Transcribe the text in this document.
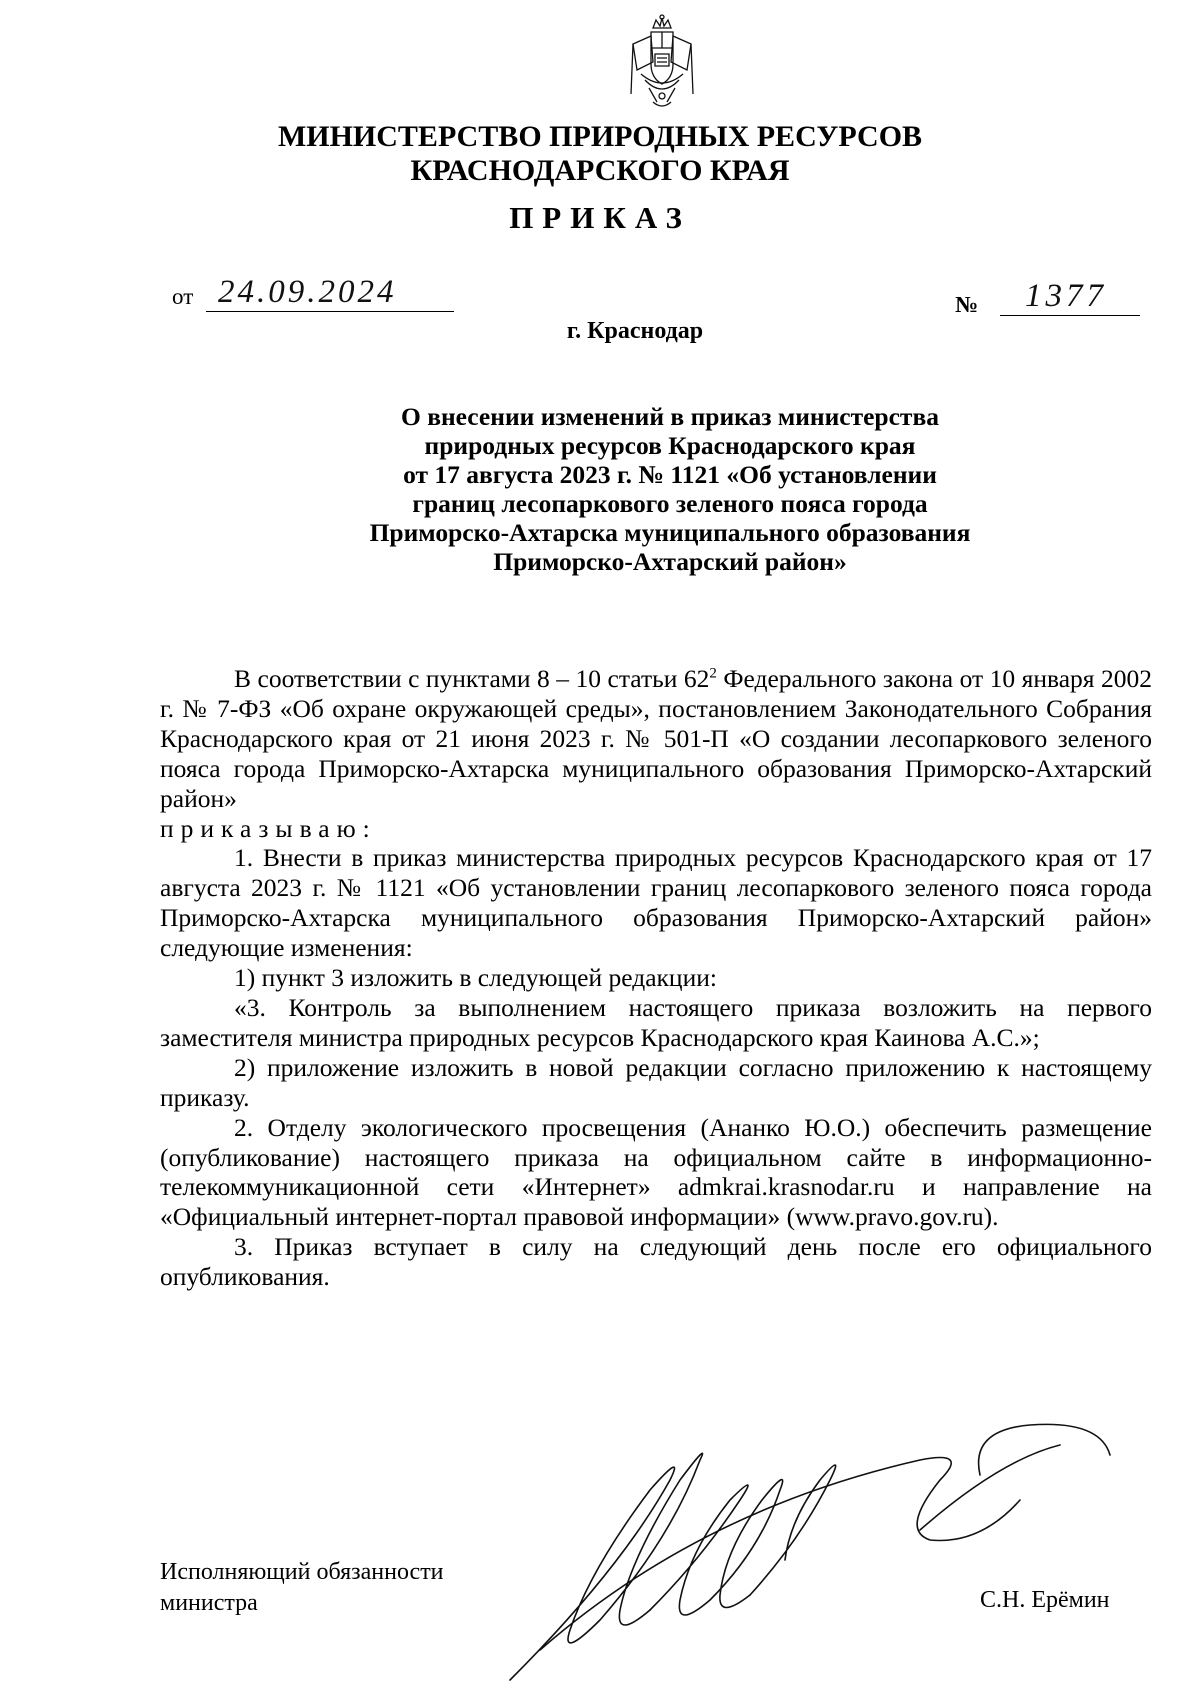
МИНИСТЕРСТВО ПРИРОДНЫХ РЕСУРСОВ
КРАСНОДАРСКОГО КРАЯ
ПРИКАЗ
от 24.09.2024	№ 1377
г. Краснодар
О внесении изменений в приказ министерства
природных ресурсов Краснодарского края
от 17 августа 2023 г. № 1121 «Об установлении
границ лесопаркового зеленого пояса города
Приморско-Ахтарска муниципального образования
Приморско-Ахтарский район»
В соответствии с пунктами 8 – 10 статьи $62^2$ Федерального закона от 10 января 2002 г. № 7-ФЗ «Об охране окружающей среды», постановлением Законодательного Собрания Краснодарского края от 21 июня 2023 г. № 501-П «О создании лесопаркового зеленого пояса города Приморско-Ахтарска муниципального образования Приморско-Ахтарский район»
приказываю:
1. Внести в приказ министерства природных ресурсов Краснодарского края от 17 августа 2023 г. № 1121 «Об установлении границ лесопаркового зеленого пояса города Приморско-Ахтарска муниципального образования Приморско-Ахтарский район» следующие изменения:
1) пункт 3 изложить в следующей редакции:
«3. Контроль за выполнением настоящего приказа возложить на первого заместителя министра природных ресурсов Краснодарского края Каинова А.С.»;
2) приложение изложить в новой редакции согласно приложению к настоящему приказу.
2. Отделу экологического просвещения (Ананко Ю.О.) обеспечить размещение (опубликование) настоящего приказа на официальном сайте в информационно-телекоммуникационной сети «Интернет» admkrai.krasnodar.ru и направление на «Официальный интернет-портал правовой информации» (www.pravo.gov.ru).
3. Приказ вступает в силу на следующий день после его официального опубликования.
Исполняющий обязанности
министра	С.Н. Ерёмин
